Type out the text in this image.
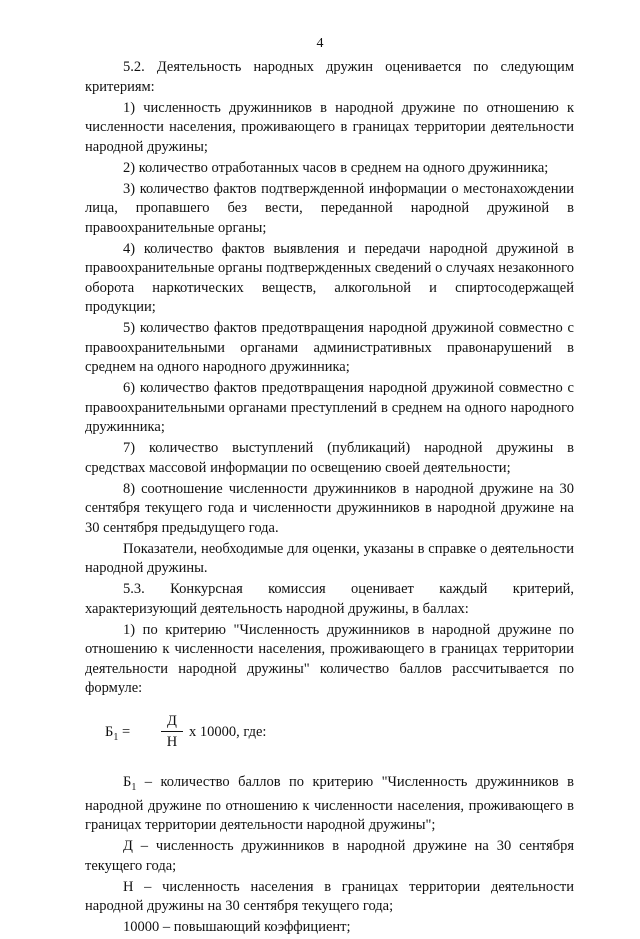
4

5.2. Деятельность народных дружин оценивается по следующим критериям:

1) численность дружинников в народной дружине по отношению к численности населения, проживающего в границах территории деятельности народной дружины;

2) количество отработанных часов в среднем на одного дружинника;

3) количество фактов подтвержденной информации о местонахождении лица, пропавшего без вести, переданной народной дружиной в правоохранительные органы;

4) количество фактов выявления и передачи народной дружиной в правоохранительные органы подтвержденных сведений о случаях незаконного оборота наркотических веществ, алкогольной и спиртосодержащей продукции;

5) количество фактов предотвращения народной дружиной совместно с правоохранительными органами административных правонарушений в среднем на одного народного дружинника;

6) количество фактов предотвращения народной дружиной совместно с правоохранительными органами преступлений в среднем на одного народного дружинника;

7) количество выступлений (публикаций) народной дружины в средствах массовой информации по освещению своей деятельности;

8) соотношение численности дружинников в народной дружине на 30 сентября текущего года и численности дружинников в народной дружине на 30 сентября предыдущего года.

Показатели, необходимые для оценки, указаны в справке о деятельности народной дружины.

5.3. Конкурсная комиссия оценивает каждый критерий, характеризующий деятельность народной дружины, в баллах:

1) по критерию "Численность дружинников в народной дружине по отношению к численности населения, проживающего в границах территории деятельности народной дружины" количество баллов рассчитывается по формуле:

$Б_1$ =
Д
Н
x 10000, где:

$Б_1$ – количество баллов по критерию "Численность дружинников в народной дружине по отношению к численности населения, проживающего в границах территории деятельности народной дружины";

Д – численность дружинников в народной дружине на 30 сентября текущего года;

Н – численность населения в границах территории деятельности народной дружины на 30 сентября текущего года;

10000 – повышающий коэффициент;
